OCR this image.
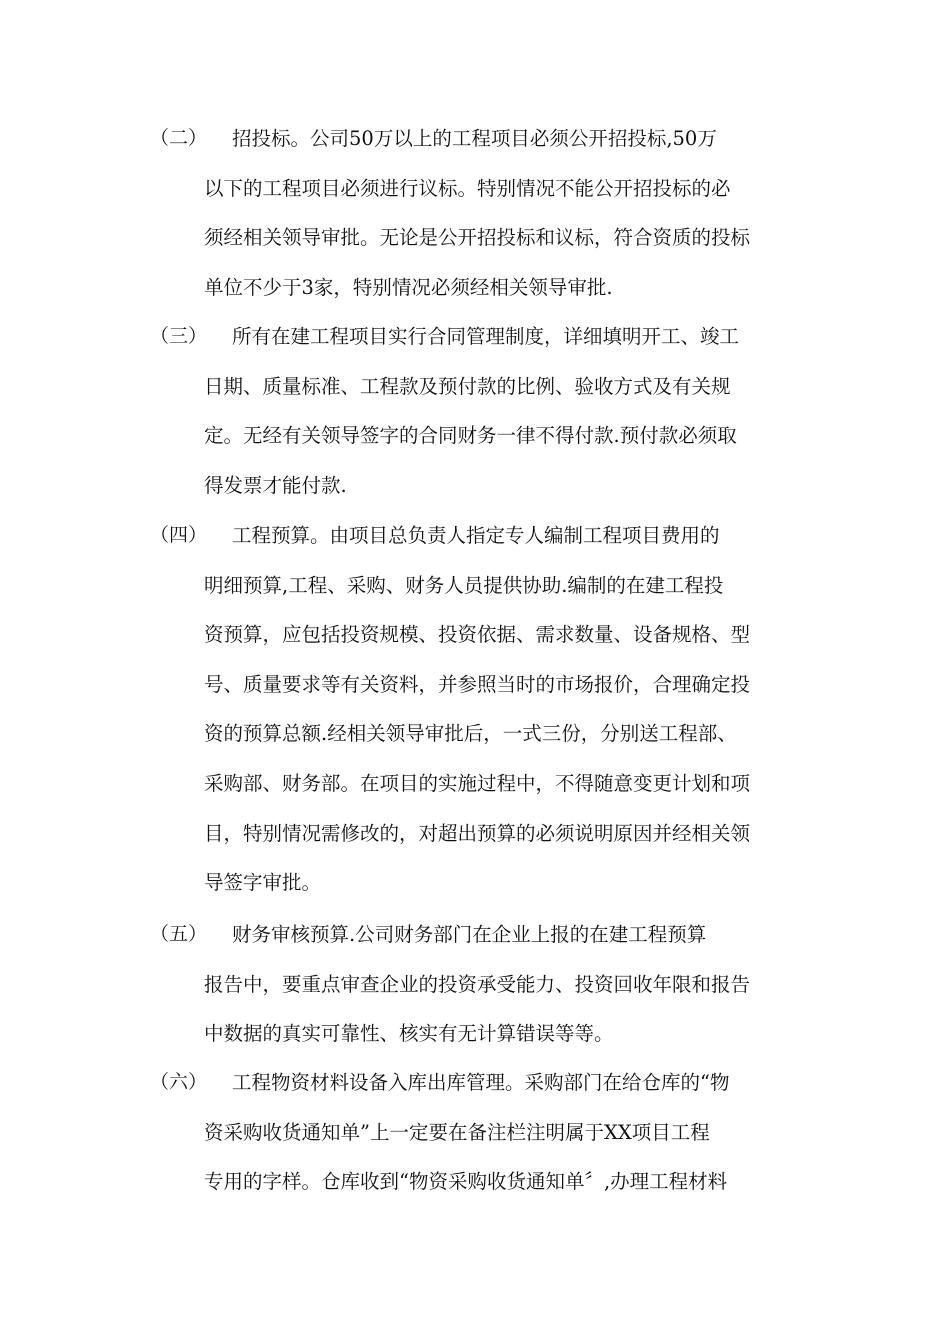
（二） 招投标。公司50万以上的工程项目必须公开招投标,50万
以下的工程项目必须进行议标。特别情况不能公开招投标的必
须经相关领导审批。无论是公开招投标和议标，符合资质的投标
单位不少于3家，特别情况必须经相关领导审批.
（三） 所有在建工程项目实行合同管理制度，详细填明开工、竣工
日期、质量标准、工程款及预付款的比例、验收方式及有关规
定。无经有关领导签字的合同财务一律不得付款.预付款必须取
得发票才能付款.
（四） 工程预算。由项目总负责人指定专人编制工程项目费用的
明细预算,工程、采购、财务人员提供协助.编制的在建工程投
资预算，应包括投资规模、投资依据、需求数量、设备规格、型
号、质量要求等有关资料，并参照当时的市场报价，合理确定投
资的预算总额.经相关领导审批后，一式三份，分别送工程部、
采购部、财务部。在项目的实施过程中，不得随意变更计划和项
目，特别情况需修改的，对超出预算的必须说明原因并经相关领
导签字审批。
（五） 财务审核预算.公司财务部门在企业上报的在建工程预算
报告中，要重点审查企业的投资承受能力、投资回收年限和报告
中数据的真实可靠性、核实有无计算错误等等。
（六） 工程物资材料设备入库出库管理。采购部门在给仓库的“物
资采购收货通知单”上一定要在备注栏注明属于XX项目工程
专用的字样。仓库收到“物资采购收货通知单〞,办理工程材料
